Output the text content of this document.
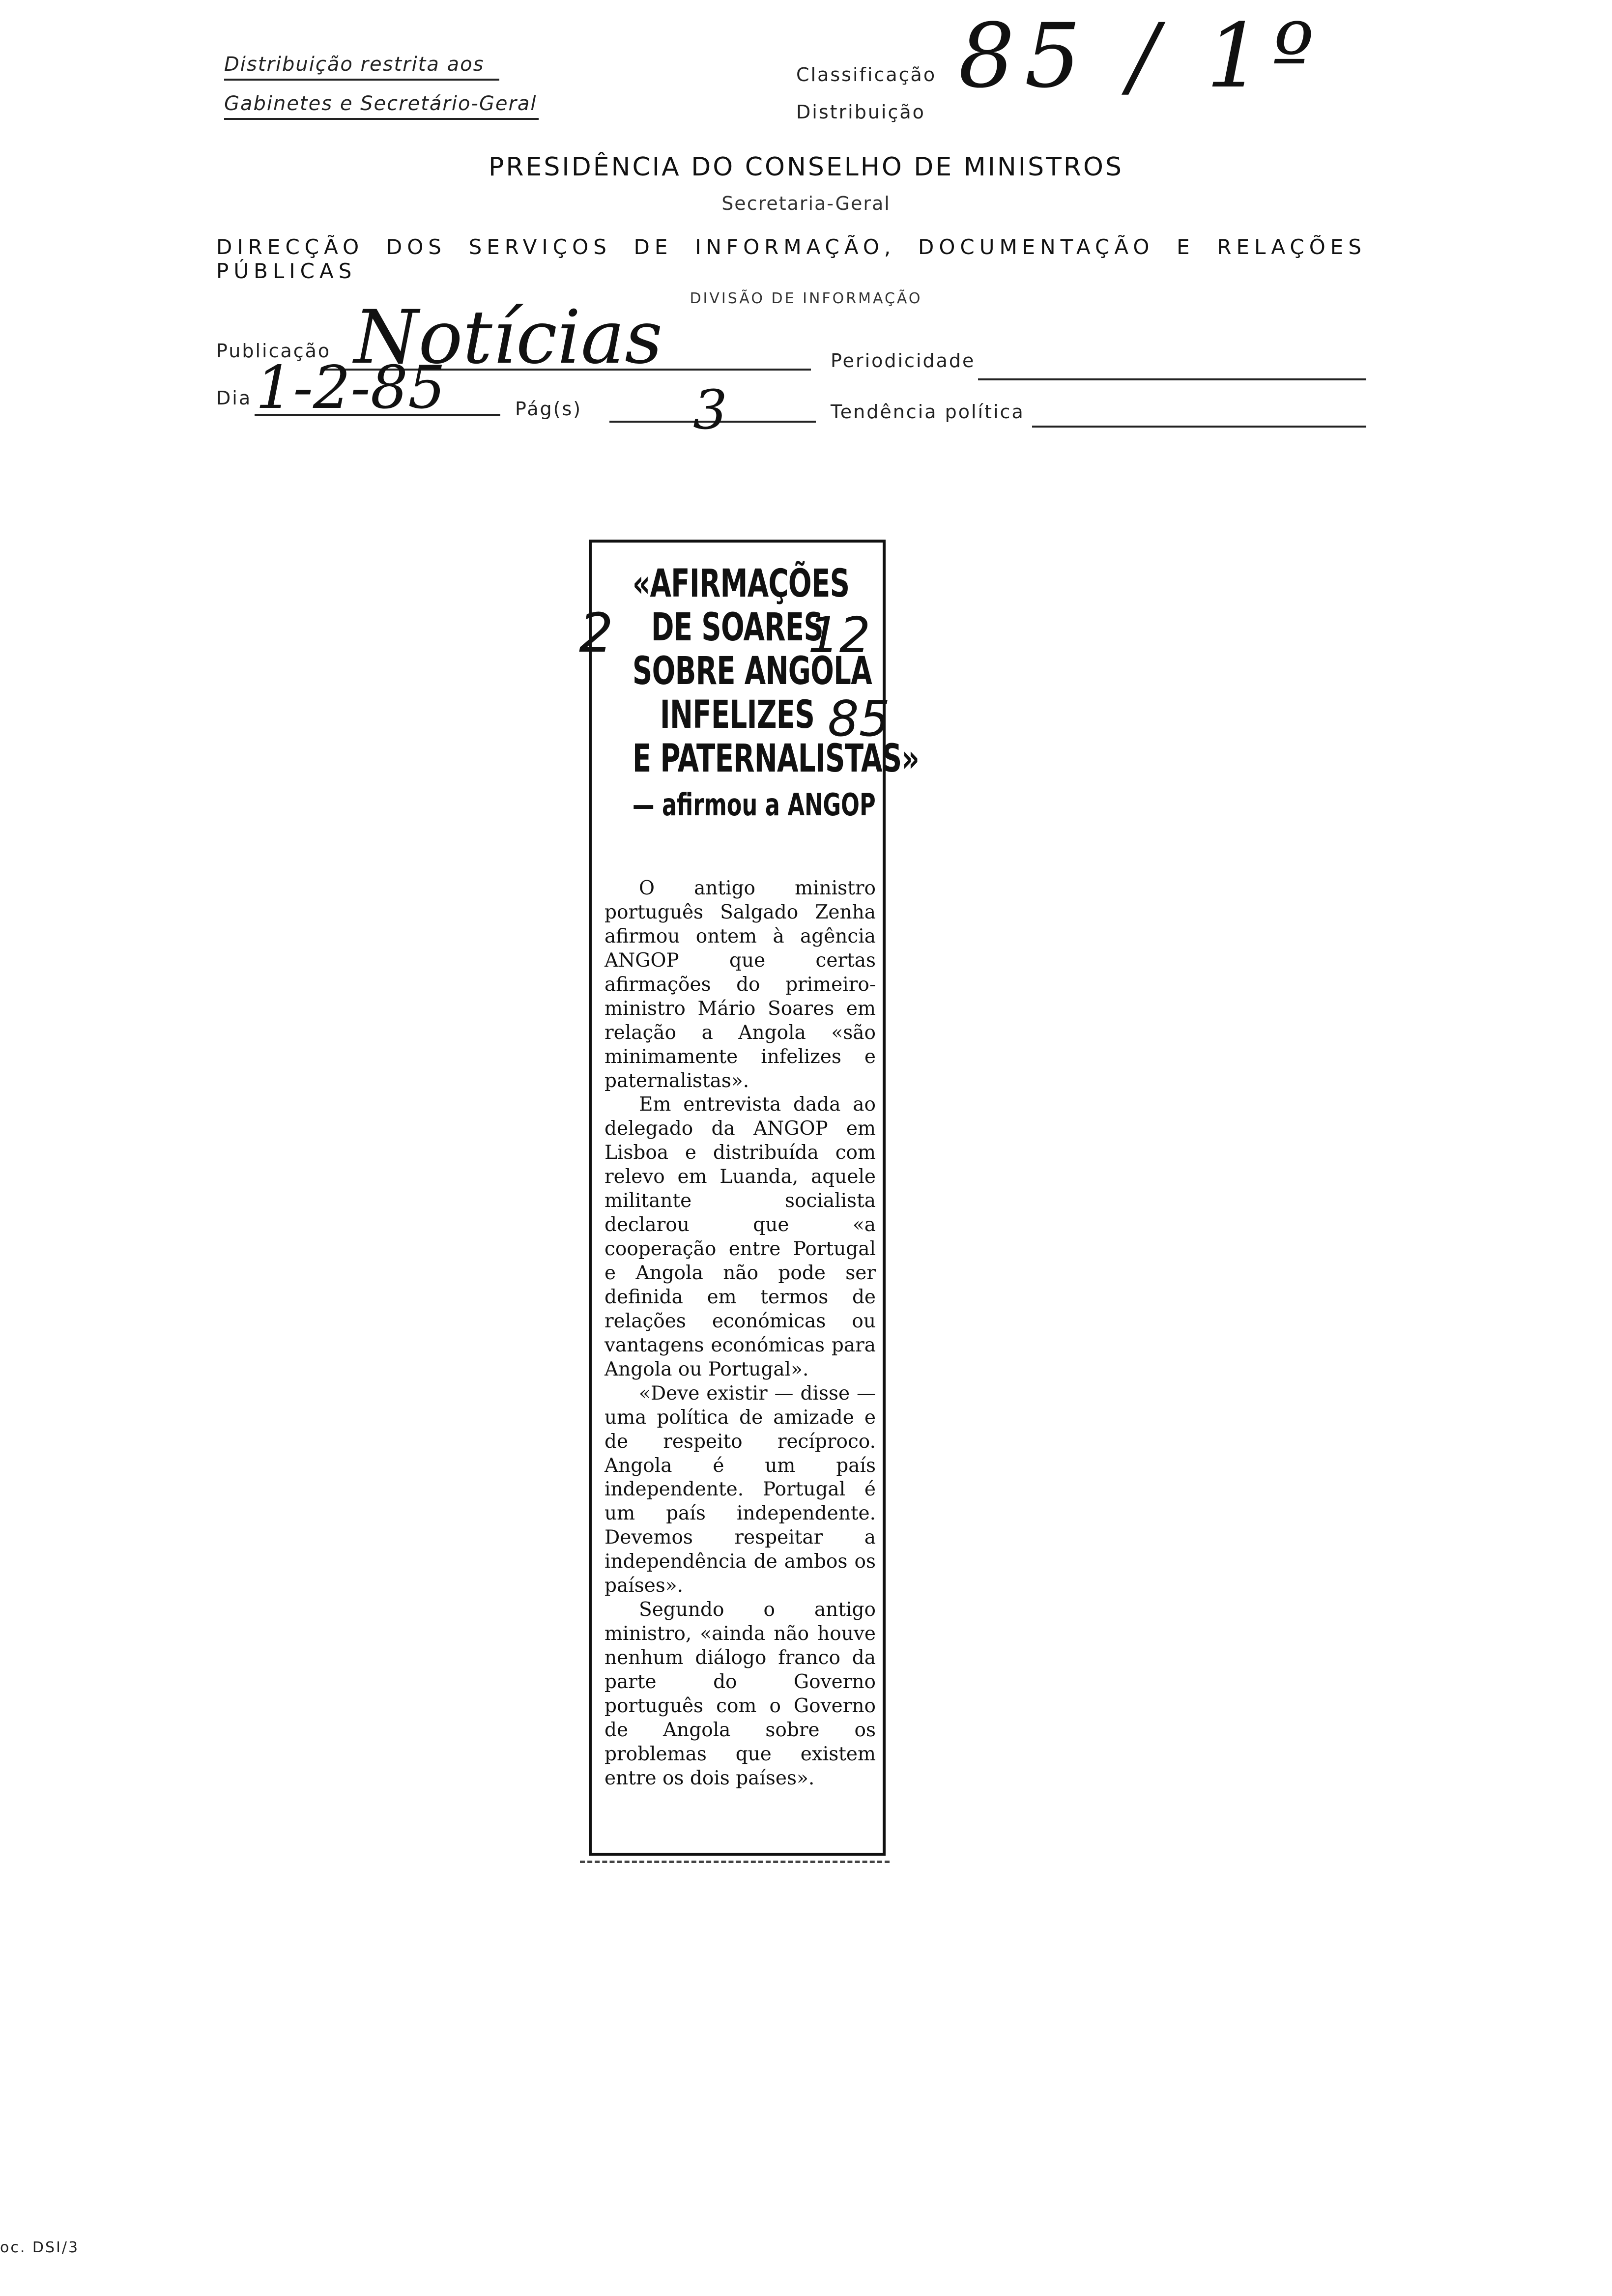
Distribuição restrita aos
Gabinetes e Secretário-Geral
Classificação
Distribuição
85 / 1º
PRESIDÊNCIA DO CONSELHO DE MINISTROS
Secretaria-Geral
DIRECÇÃO DOS SERVIÇOS DE INFORMAÇÃO, DOCUMENTAÇÃO E RELAÇÕES PÚBLICAS
DIVISÃO DE INFORMAÇÃO
Publicação Notícias	Periodicidade
Dia 1-2-85	Pág(s) 3	Tendência política
«AFIRMAÇÕES
DE SOARES
SOBRE ANGOLA
INFELIZES
E PATERNALISTAS»
— afirmou a ANGOP

O antigo ministro português Salgado Zenha afirmou ontem à agência ANGOP que certas afirmações do primeiro-ministro Mário Soares em relação a Angola «são minimamente infelizes e paternalistas».

Em entrevista dada ao delegado da ANGOP em Lisboa e distribuída com relevo em Luanda, aquele militante socialista declarou que «a cooperação entre Portugal e Angola não pode ser definida em termos de relações económicas ou vantagens económicas para Angola ou Portugal».

«Deve existir — disse — uma política de amizade e de respeito recíproco. Angola é um país independente. Portugal é um país independente. Devemos respeitar a independência de ambos os países».

Segundo o antigo ministro, «ainda não houve nenhum diálogo franco da parte do Governo português com o Governo de Angola sobre os problemas que existem entre os dois países».

2	12
85
oc. DSI/3
